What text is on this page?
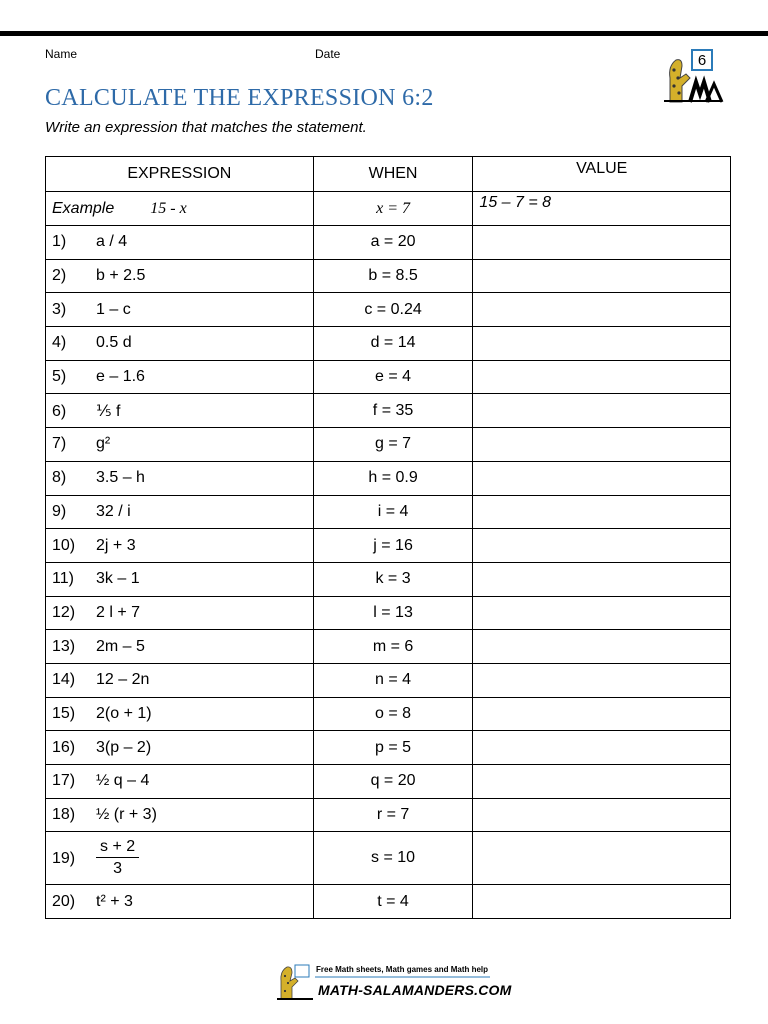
Name	Date	6
CALCULATE THE EXPRESSION 6:2
Write an expression that matches the statement.
EXPRESSION	WHEN	VALUE
Example 15 - x	x = 7	15 – 7 = 8
1) a / 4	a = 20	
2) b + 2.5	b = 8.5	
3) 1 – c	c = 0.24	
4) 0.5 d	d = 14	
5) e – 1.6	e = 4	
6) ⅕ f	f = 35	
7) g²	g = 7	
8) 3.5 – h	h = 0.9	
9) 32 / i	i = 4	
10) 2j + 3	j = 16	
11) 3k – 1	k = 3	
12) 2 l + 7	l = 13	
13) 2m – 5	m = 6	
14) 12 – 2n	n = 4	
15) 2(o + 1)	o = 8	
16) 3(p – 2)	p = 5	
17) ½ q – 4	q = 20	
18) ½ (r + 3)	r = 7	
$19) \frac{s + 2}{3}$	s = 10	
20) t² + 3	t = 4	
Free Math sheets, Math games and Math help
MATH-SALAMANDERS.COM
